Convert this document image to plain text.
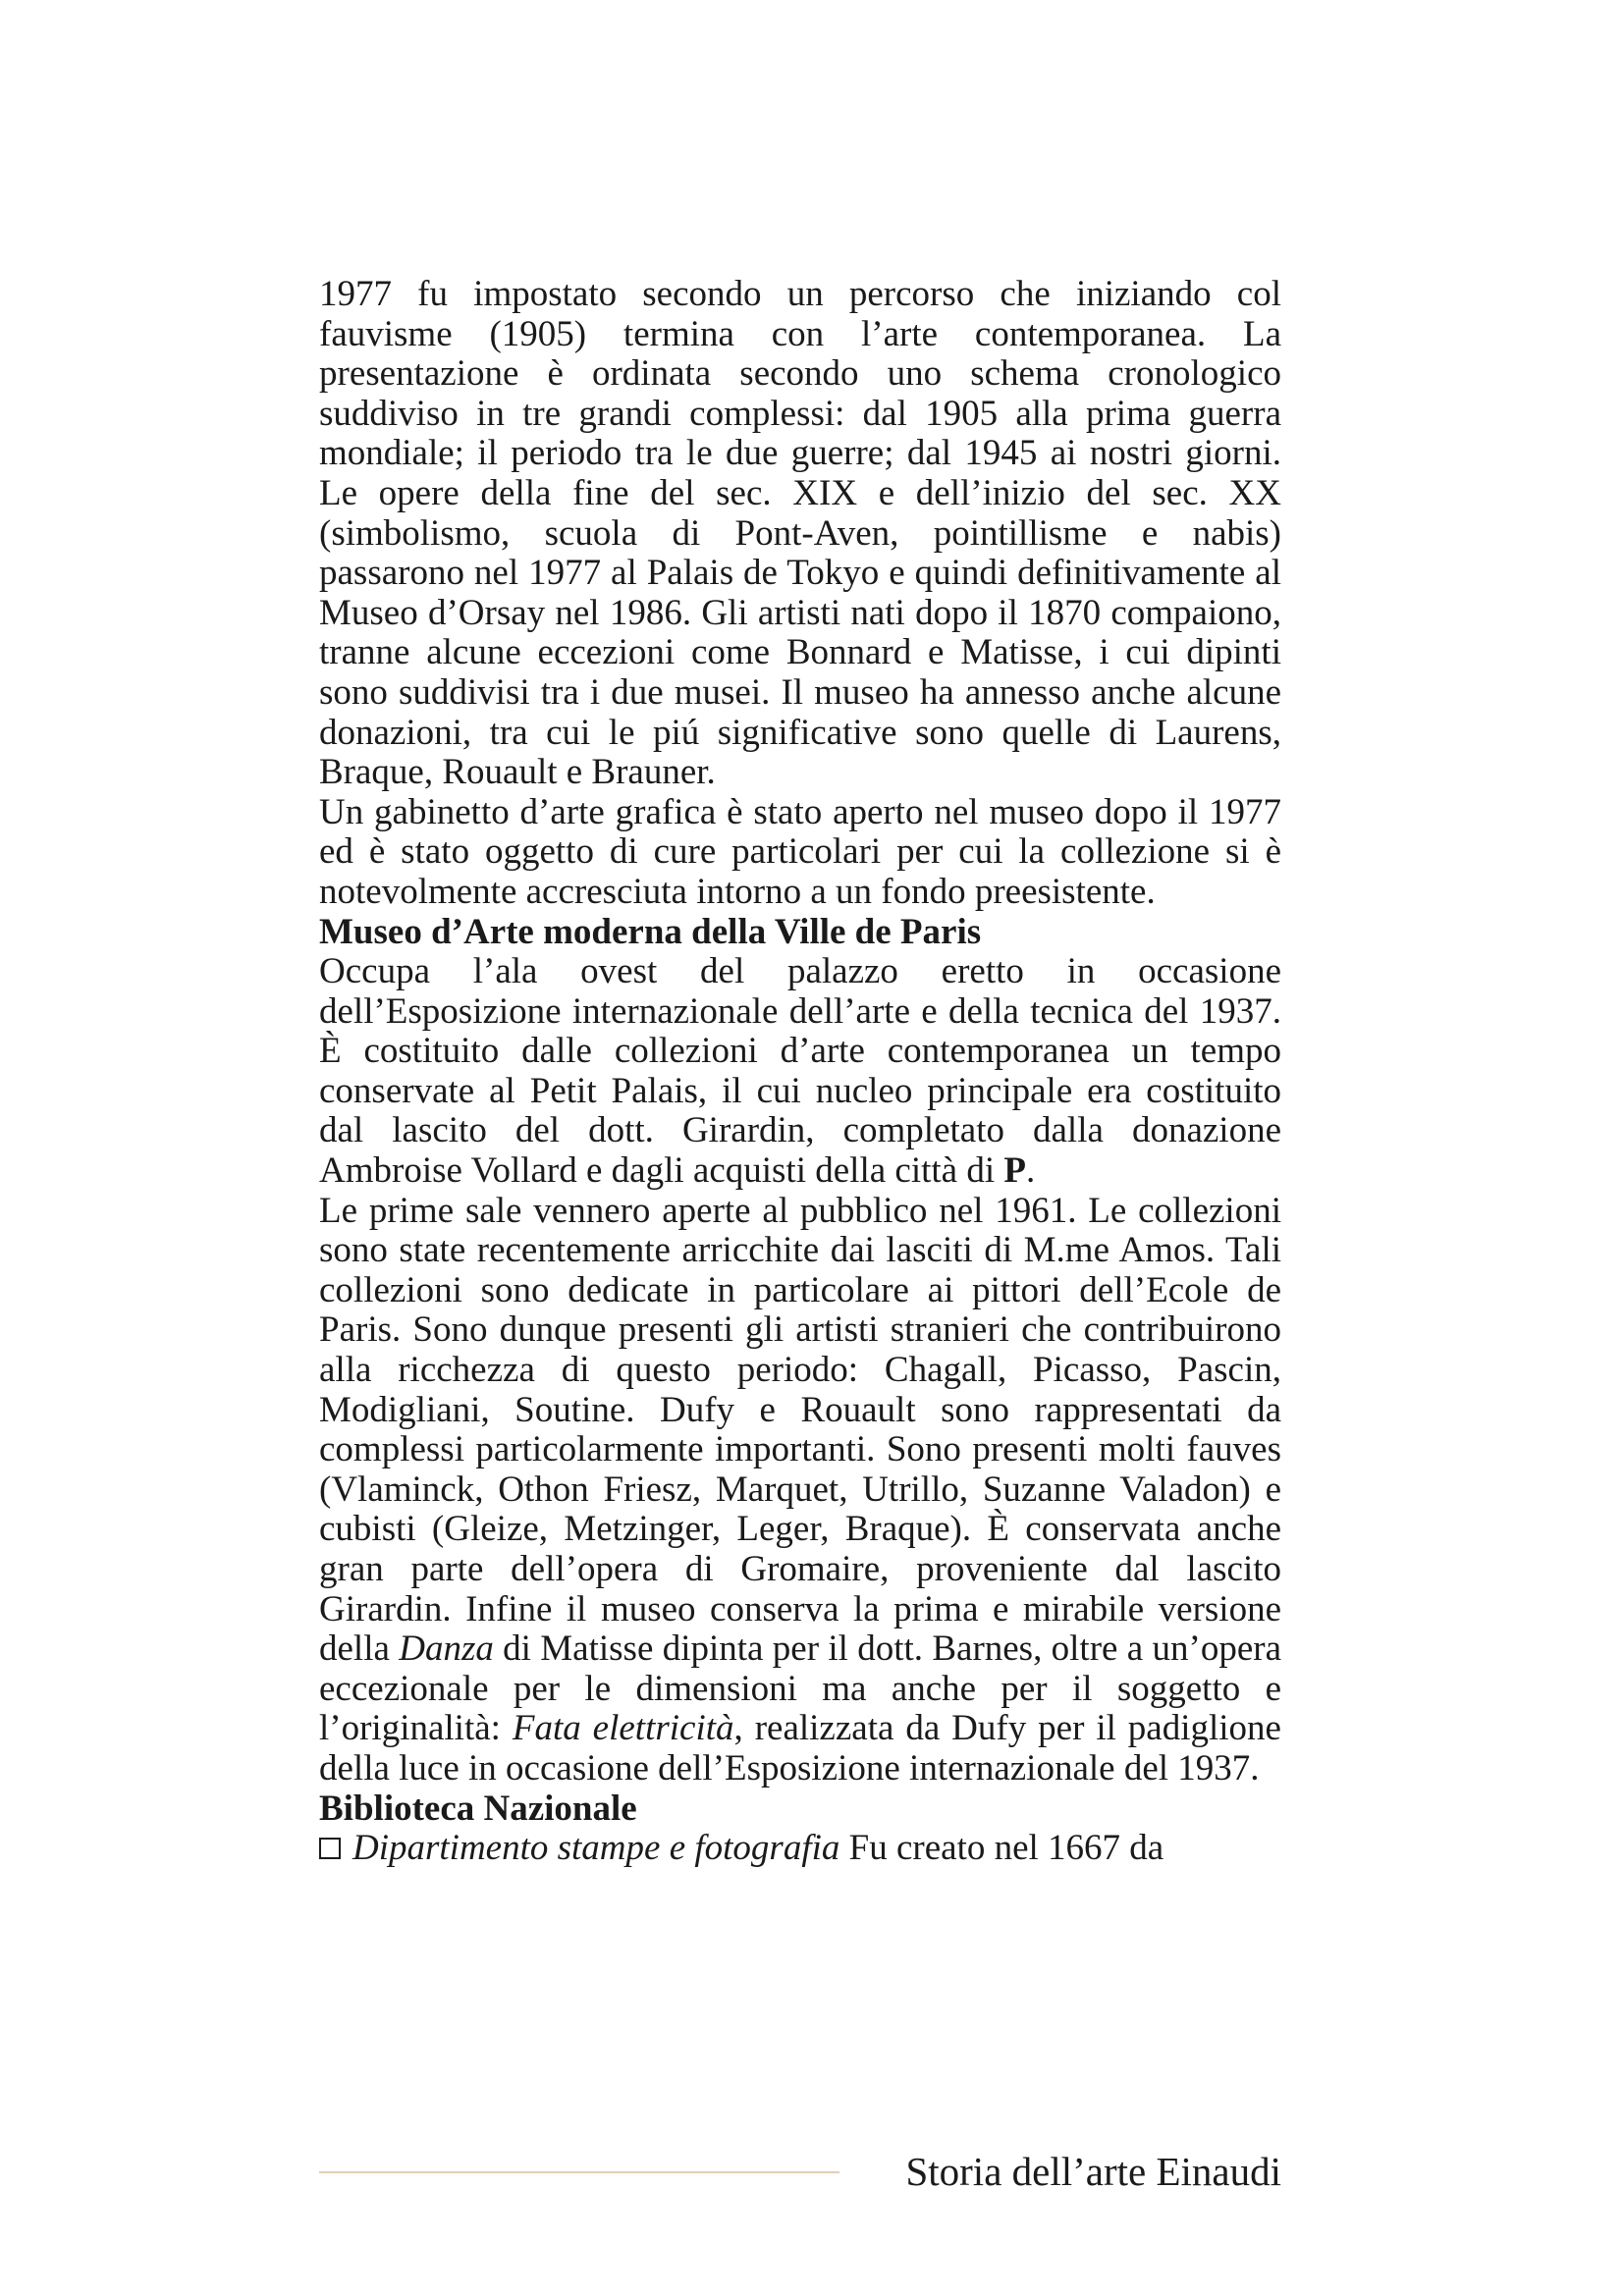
1977 fu impostato secondo un percorso che iniziando col fauvisme (1905) termina con l’arte contemporanea. La presentazione è ordinata secondo uno schema cronologico suddiviso in tre grandi complessi: dal 1905 alla prima guerra mondiale; il periodo tra le due guerre; dal 1945 ai nostri giorni. Le opere della fine del sec. XIX e dell’inizio del sec. XX (simbolismo, scuola di Pont-Aven, pointillisme e nabis) passarono nel 1977 al Palais de Tokyo e quindi definitivamente al Museo d’Orsay nel 1986. Gli artisti nati dopo il 1870 compaiono, tranne alcune eccezioni come Bonnard e Matisse, i cui dipinti sono suddivisi tra i due musei. Il museo ha annesso anche alcune donazioni, tra cui le piú significative sono quelle di Laurens, Braque, Rouault e Brauner.

Un gabinetto d’arte grafica è stato aperto nel museo dopo il 1977 ed è stato oggetto di cure particolari per cui la collezione si è notevolmente accresciuta intorno a un fondo preesistente.

Museo d’Arte moderna della Ville de Paris

Occupa l’ala ovest del palazzo eretto in occasione dell’Esposizione internazionale dell’arte e della tecnica del 1937. È costituito dalle collezioni d’arte contemporanea un tempo conservate al Petit Palais, il cui nucleo principale era costituito dal lascito del dott. Girardin, completato dalla donazione Ambroise Vollard e dagli acquisti della città di P.

Le prime sale vennero aperte al pubblico nel 1961. Le collezioni sono state recentemente arricchite dai lasciti di M.me Amos. Tali collezioni sono dedicate in particolare ai pittori dell’Ecole de Paris. Sono dunque presenti gli artisti stranieri che contribuirono alla ricchezza di questo periodo: Chagall, Picasso, Pascin, Modigliani, Soutine. Dufy e Rouault sono rappresentati da complessi particolarmente importanti. Sono presenti molti fauves (Vlaminck, Othon Friesz, Marquet, Utrillo, Suzanne Valadon) e cubisti (Gleize, Metzinger, Leger, Braque). È conservata anche gran parte dell’opera di Gromaire, proveniente dal lascito Girardin. Infine il museo conserva la prima e mirabile versione della Danza di Matisse dipinta per il dott. Barnes, oltre a un’opera eccezionale per le dimensioni ma anche per il soggetto e l’originalità: Fata elettricità, realizzata da Dufy per il padiglione della luce in occasione dell’Esposizione internazionale del 1937.

Biblioteca Nazionale

Dipartimento stampe e fotografia Fu creato nel 1667 da

Storia dell’arte Einaudi
